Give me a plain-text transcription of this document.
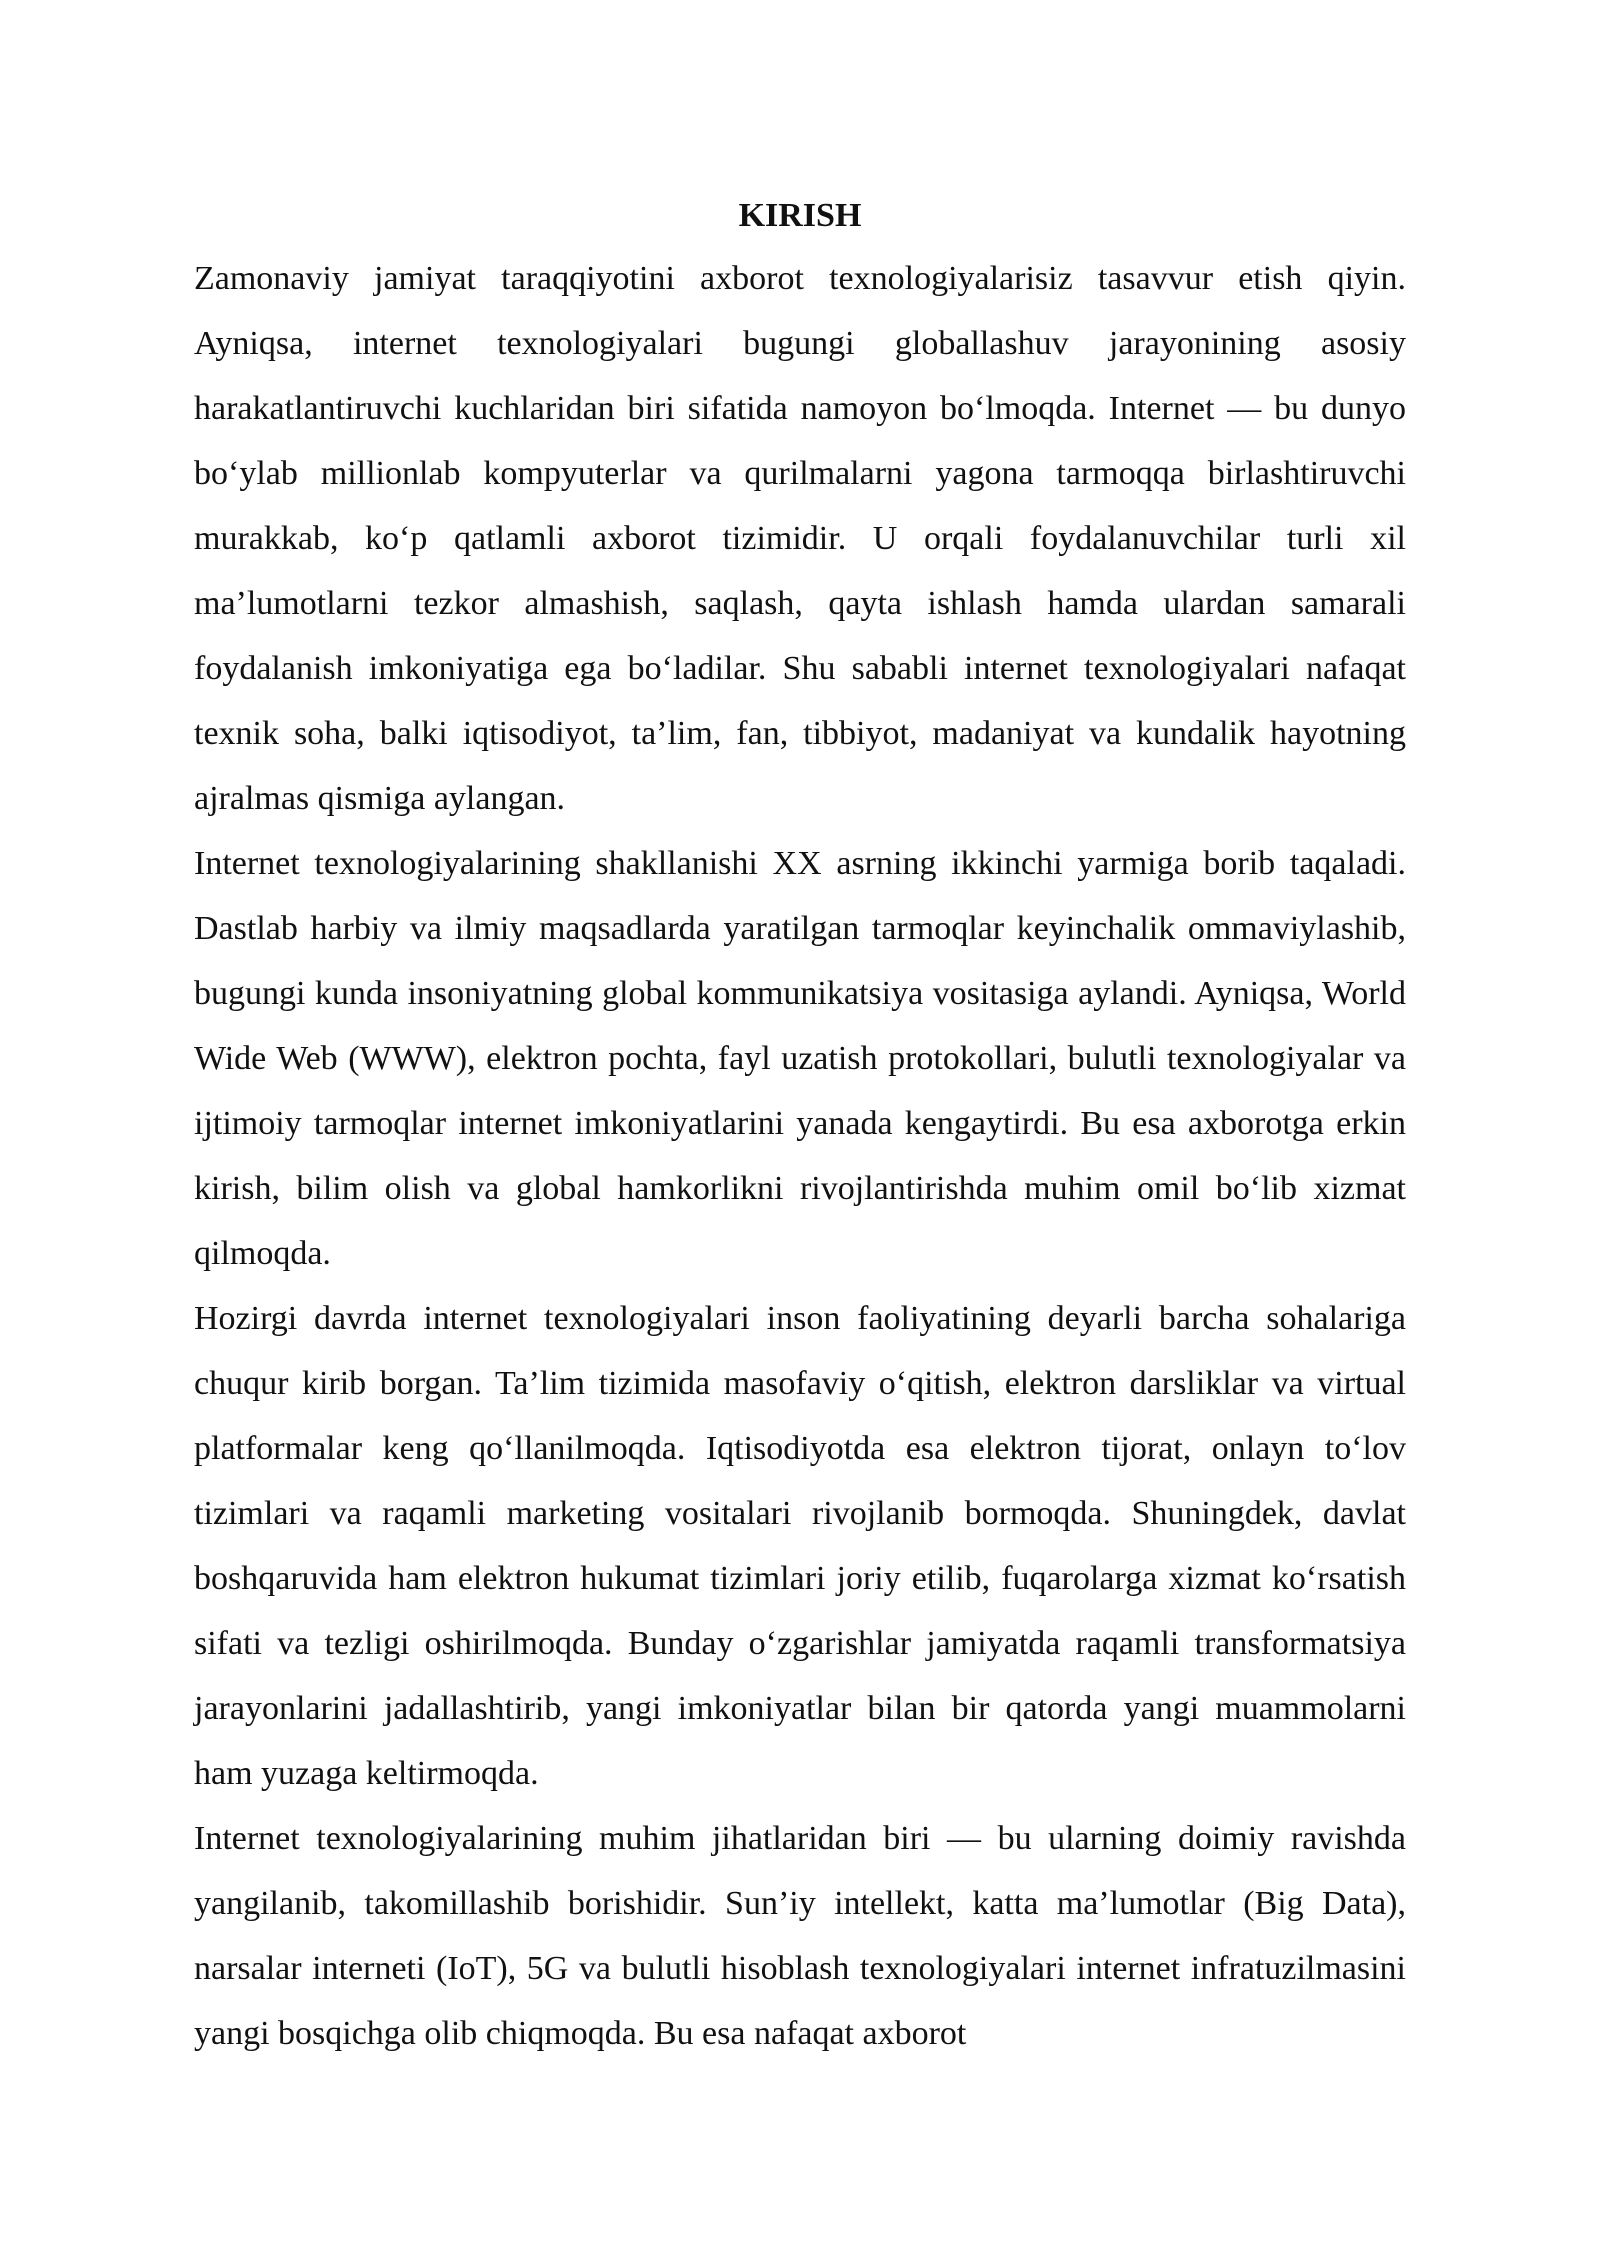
KIRISH

Zamonaviy jamiyat taraqqiyotini axborot texnologiyalarisiz tasavvur etish qiyin. Ayniqsa, internet texnologiyalari bugungi globallashuv jarayonining asosiy harakatlantiruvchi kuchlaridan biri sifatida namoyon bo‘lmoqda. Internet — bu dunyo bo‘ylab millionlab kompyuterlar va qurilmalarni yagona tarmoqqa birlashtiruvchi murakkab, ko‘p qatlamli axborot tizimidir. U orqali foydalanuvchilar turli xil ma’lumotlarni tezkor almashish, saqlash, qayta ishlash hamda ulardan samarali foydalanish imkoniyatiga ega bo‘ladilar. Shu sababli internet texnologiyalari nafaqat texnik soha, balki iqtisodiyot, ta’lim, fan, tibbiyot, madaniyat va kundalik hayotning ajralmas qismiga aylangan.

Internet texnologiyalarining shakllanishi XX asrning ikkinchi yarmiga borib taqaladi. Dastlab harbiy va ilmiy maqsadlarda yaratilgan tarmoqlar keyinchalik ommaviylashib, bugungi kunda insoniyatning global kommunikatsiya vositasiga aylandi. Ayniqsa, World Wide Web (WWW), elektron pochta, fayl uzatish protokollari, bulutli texnologiyalar va ijtimoiy tarmoqlar internet imkoniyatlarini yanada kengaytirdi. Bu esa axborotga erkin kirish, bilim olish va global hamkorlikni rivojlantirishda muhim omil bo‘lib xizmat qilmoqda.

Hozirgi davrda internet texnologiyalari inson faoliyatining deyarli barcha sohalariga chuqur kirib borgan. Ta’lim tizimida masofaviy o‘qitish, elektron darsliklar va virtual platformalar keng qo‘llanilmoqda. Iqtisodiyotda esa elektron tijorat, onlayn to‘lov tizimlari va raqamli marketing vositalari rivojlanib bormoqda. Shuningdek, davlat boshqaruvida ham elektron hukumat tizimlari joriy etilib, fuqarolarga xizmat ko‘rsatish sifati va tezligi oshirilmoqda. Bunday o‘zgarishlar jamiyatda raqamli transformatsiya jarayonlarini jadallashtirib, yangi imkoniyatlar bilan bir qatorda yangi muammolarni ham yuzaga keltirmoqda.

Internet texnologiyalarining muhim jihatlaridan biri — bu ularning doimiy ravishda yangilanib, takomillashib borishidir. Sun’iy intellekt, katta ma’lumotlar (Big Data), narsalar interneti (IoT), 5G va bulutli hisoblash texnologiyalari internet infratuzilmasini yangi bosqichga olib chiqmoqda. Bu esa nafaqat axborot
